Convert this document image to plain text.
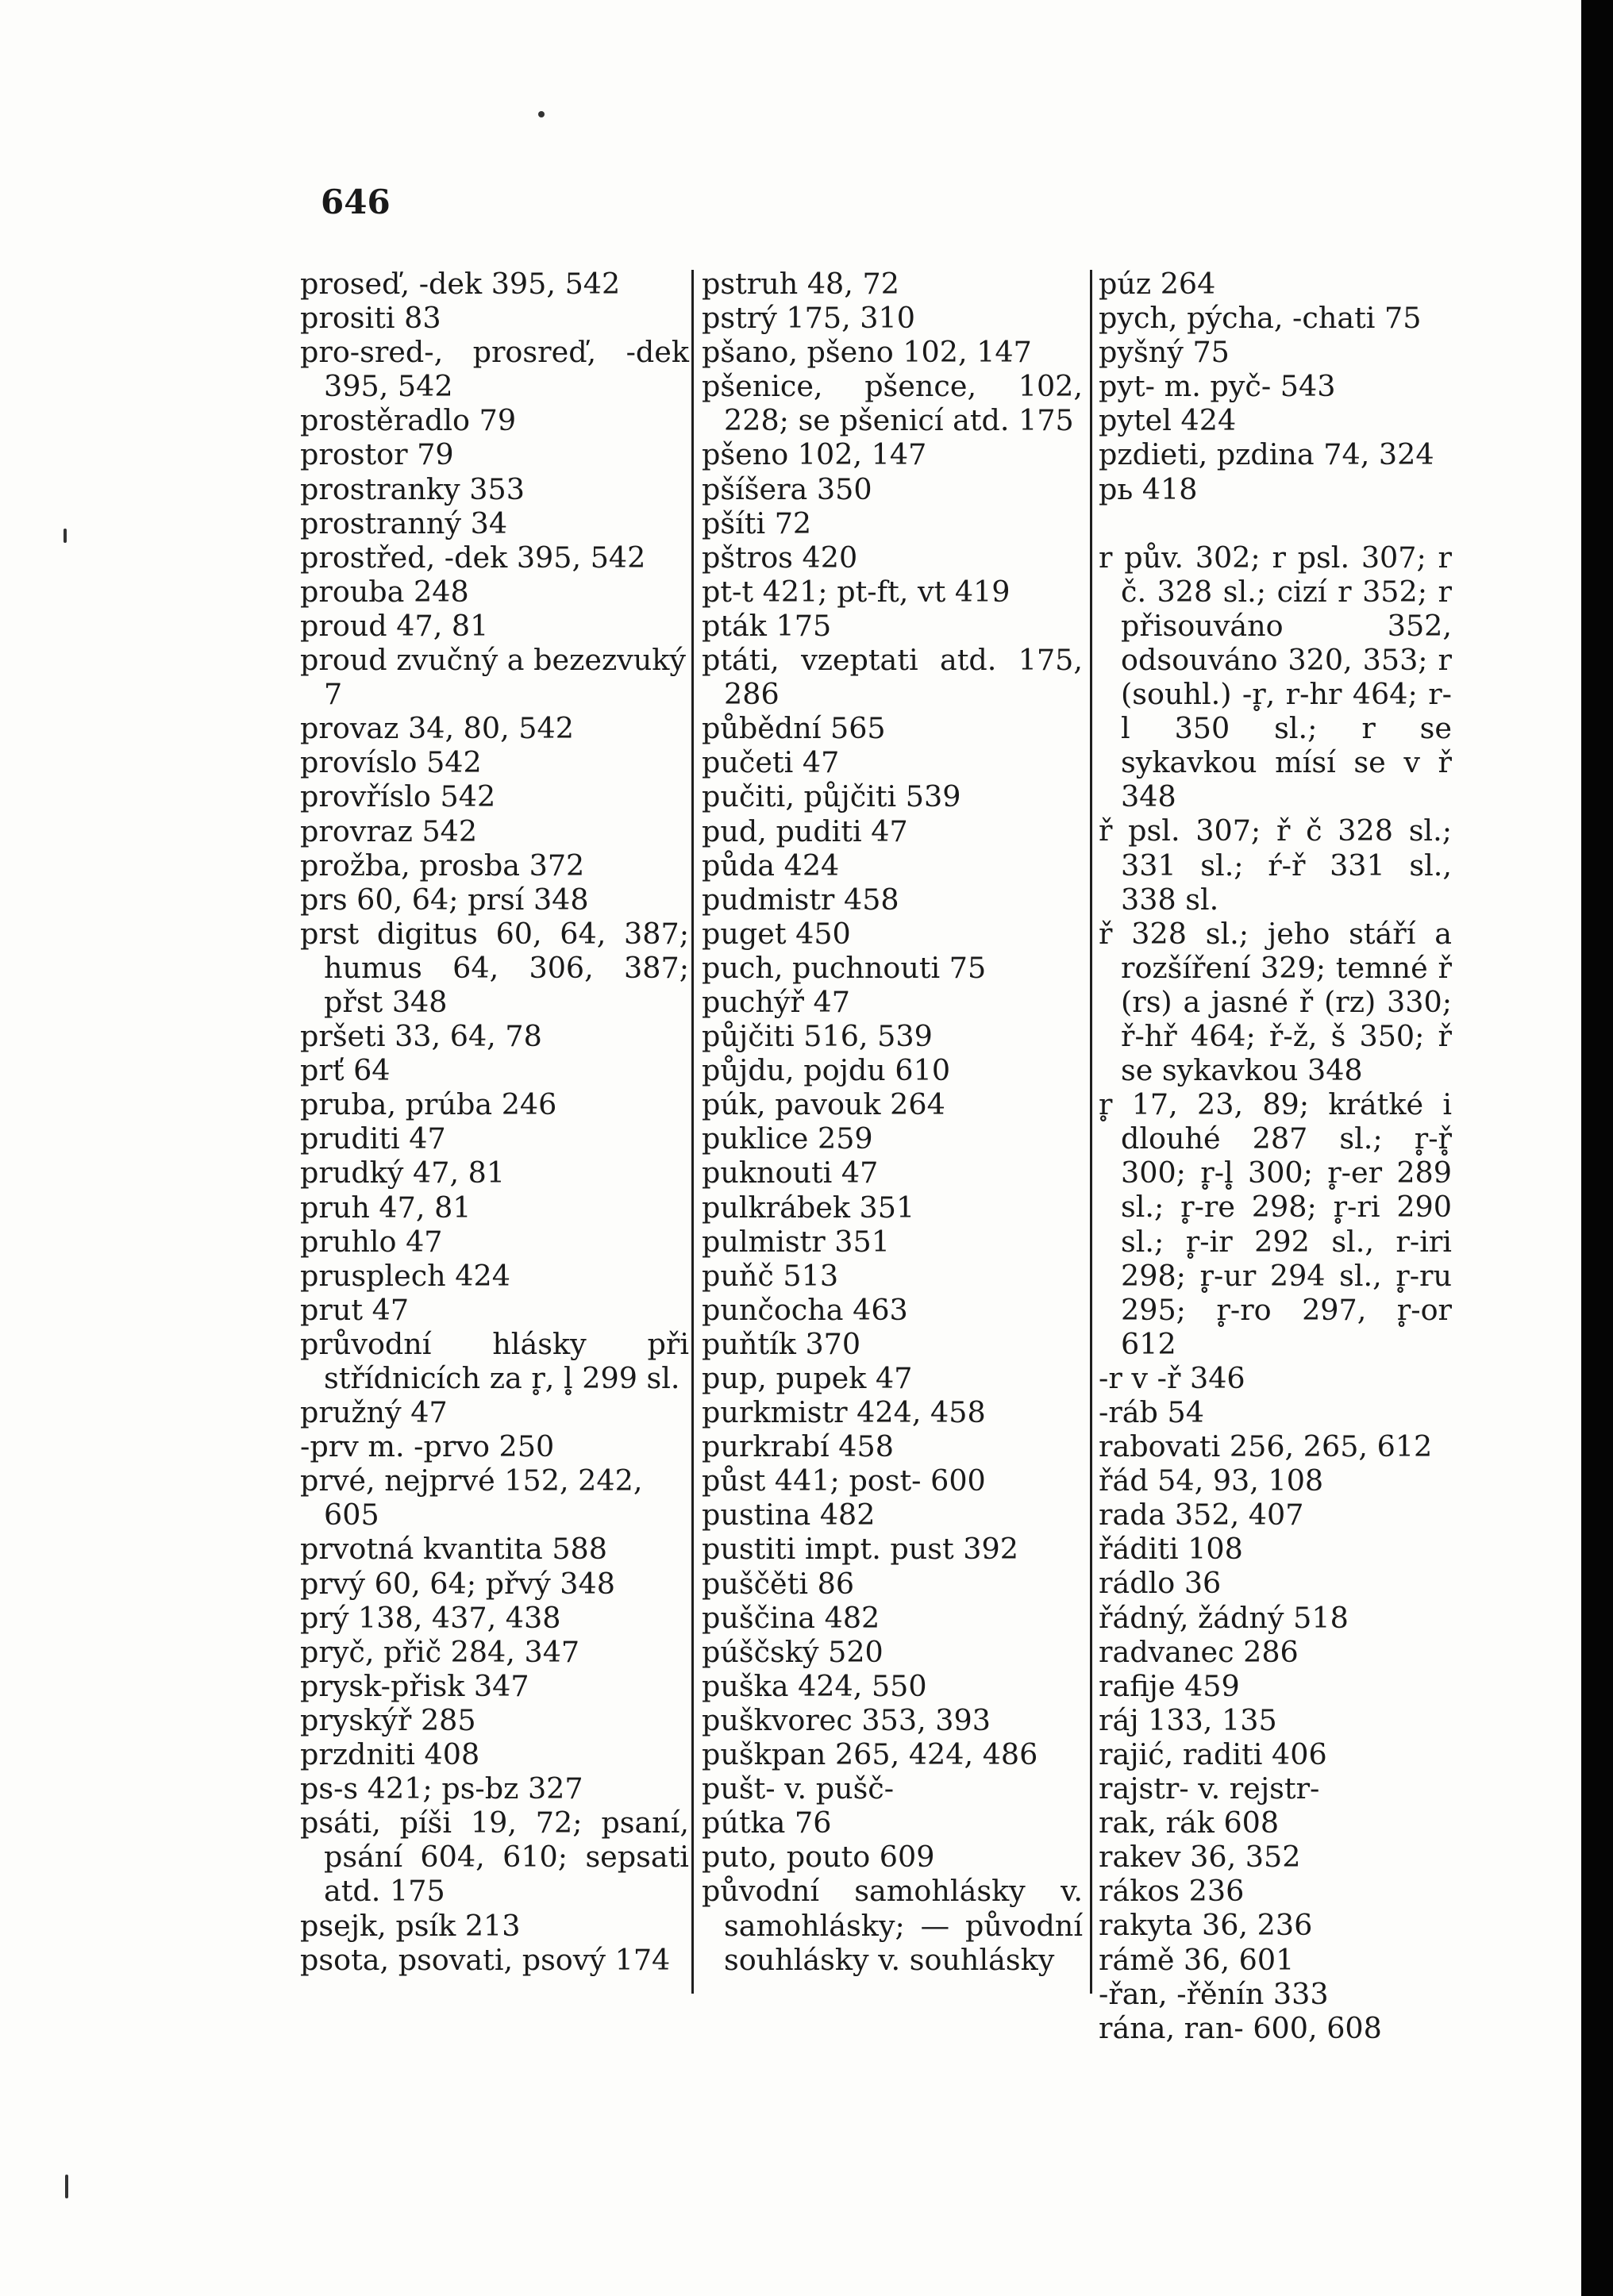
646
proseď, -dek 395, 542
prositi 83
pro-sred-, prosreď, -dek 395, 542
prostěradlo 79
prostor 79
prostranky 353
prostranný 34
prostřed, -dek 395, 542
prouba 248
proud 47, 81
proud zvučný a bezezvuký 7
provaz 34, 80, 542
províslo 542
provříslo 542
provraz 542
prožba, prosba 372
prs 60, 64; prsí 348
prst digitus 60, 64, 387; humus 64, 306, 387; přst 348
pršeti 33, 64, 78
prť 64
pruba, prúba 246
pruditi 47
prudký 47, 81
pruh 47, 81
pruhlo 47
prusplech 424
prut 47
průvodní hlásky při střídnicích za r̥, l̥ 299 sl.
pružný 47
-prv m. -prvo 250
prvé, nejprvé 152, 242, 605
prvotná kvantita 588
prvý 60, 64; přvý 348
prý 138, 437, 438
pryč, přič 284, 347
prysk-přisk 347
pryskýř 285
przdniti 408
ps-s 421; ps-bz 327
psáti, píši 19, 72; psaní, psání 604, 610; sepsati atd. 175
psejk, psík 213
psota, psovati, psový 174
pstruh 48, 72
pstrý 175, 310
pšano, pšeno 102, 147
pšenice, pšence, 102, 228; se pšenicí atd. 175
pšeno 102, 147
pšíšera 350
pšíti 72
pštros 420
pt-t 421; pt-ft, vt 419
pták 175
ptáti, vzeptati atd. 175, 286
půbědní 565
pučeti 47
pučiti, půjčiti 539
pud, puditi 47
půda 424
pudmistr 458
puget 450
puch, puchnouti 75
puchýř 47
půjčiti 516, 539
půjdu, pojdu 610
púk, pavouk 264
puklice 259
puknouti 47
pulkrábek 351
pulmistr 351
puňč 513
punčocha 463
puňtík 370
pup, pupek 47
purkmistr 424, 458
purkrabí 458
půst 441; post- 600
pustina 482
pustiti impt. pust 392
puščěti 86
puščina 482
púščský 520
puška 424, 550
puškvorec 353, 393
puškpan 265, 424, 486
pušt- v. pušč-
pútka 76
puto, pouto 609
původní samohlásky v. samohlásky; — původní souhlásky v. souhlásky
púz 264
pych, pýcha, -chati 75
pyšný 75
pyt- m. pyč- 543
pytel 424
pzdieti, pzdina 74, 324
pь 418
r pův. 302; r psl. 307; r č. 328 sl.; cizí r 352; r přisouváno 352, odsouváno 320, 353; r (souhl.) -r̥, r-hr 464; r-l 350 sl.; r se sykavkou mísí se v ř 348
ř psl. 307; ř č 328 sl.; 331 sl.; ŕ-ř 331 sl., 338 sl.
ř 328 sl.; jeho stáří a rozšíření 329; temné ř (rs) a jasné ř (rz) 330; ř-hř 464; ř-ž, š 350; ř se sykavkou 348
r̥ 17, 23, 89; krátké i dlouhé 287 sl.; r̥-ř̥ 300; r̥-l̥ 300; r̥-er 289 sl.; r̥-re 298; r̥-ri 290 sl.; r̥-ir 292 sl., r-iri 298; r̥-ur 294 sl., r̥-ru 295; r̥-ro 297, r̥-or 612
-r v -ř 346
-ráb 54
rabovati 256, 265, 612
řád 54, 93, 108
rada 352, 407
řáditi 108
rádlo 36
řádný, žádný 518
radvanec 286
rafije 459
ráj 133, 135
rajić, raditi 406
rajstr- v. rejstr-
rak, rák 608
rakev 36, 352
rákos 236
rakyta 36, 236
rámě 36, 601
-řan, -řěnín 333
rána, ran- 600, 608
